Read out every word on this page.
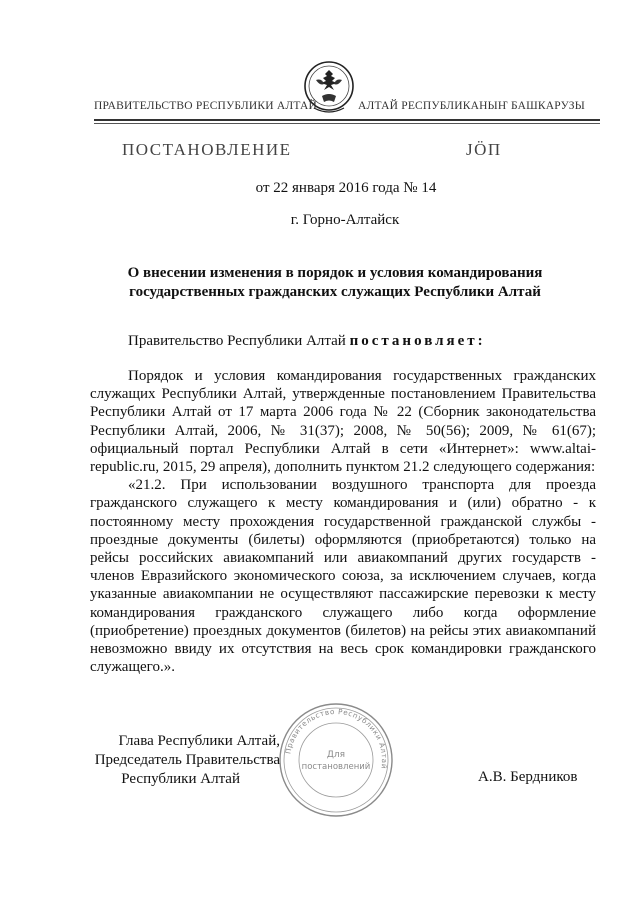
ПРАВИТЕЛЬСТВО РЕСПУБЛИКИ АЛТАЙ	АЛТАЙ РЕСПУБЛИКАНЫҤ БАШКАРУЗЫ
ПОСТАНОВЛЕНИЕ	JÖП
от 22 января 2016 года № 14
г. Горно-Алтайск
О внесении изменения в порядок и условия командирования
государственных гражданских служащих Республики Алтай
Правительство Республики Алтай постановляет:

Порядок и условия командирования государственных гражданских служащих Республики Алтай, утвержденные постановлением Правительства Республики Алтай от 17 марта 2006 года № 22 (Сборник законодательства Республики Алтай, 2006, № 31(37); 2008, № 50(56); 2009, № 61(67); официальный портал Республики Алтай в сети «Интернет»: www.altai-republic.ru, 2015, 29 апреля), дополнить пунктом 21.2 следующего содержания:

«21.2. При использовании воздушного транспорта для проезда гражданского служащего к месту командирования и (или) обратно - к постоянному месту прохождения государственной гражданской службы - проездные документы (билеты) оформляются (приобретаются) только на рейсы российских авиакомпаний или авиакомпаний других государств - членов Евразийского экономического союза, за исключением случаев, когда указанные авиакомпании не осуществляют пассажирские перевозки к месту командирования гражданского служащего либо когда оформление (приобретение) проездных документов (билетов) на рейсы этих авиакомпаний невозможно ввиду их отсутствия на весь срок командировки гражданского служащего.».

Правительство Республики Алтай
Для
постановлений
Глава Республики Алтай,
Председатель Правительства
Республики Алтай	А.В. Бердников
